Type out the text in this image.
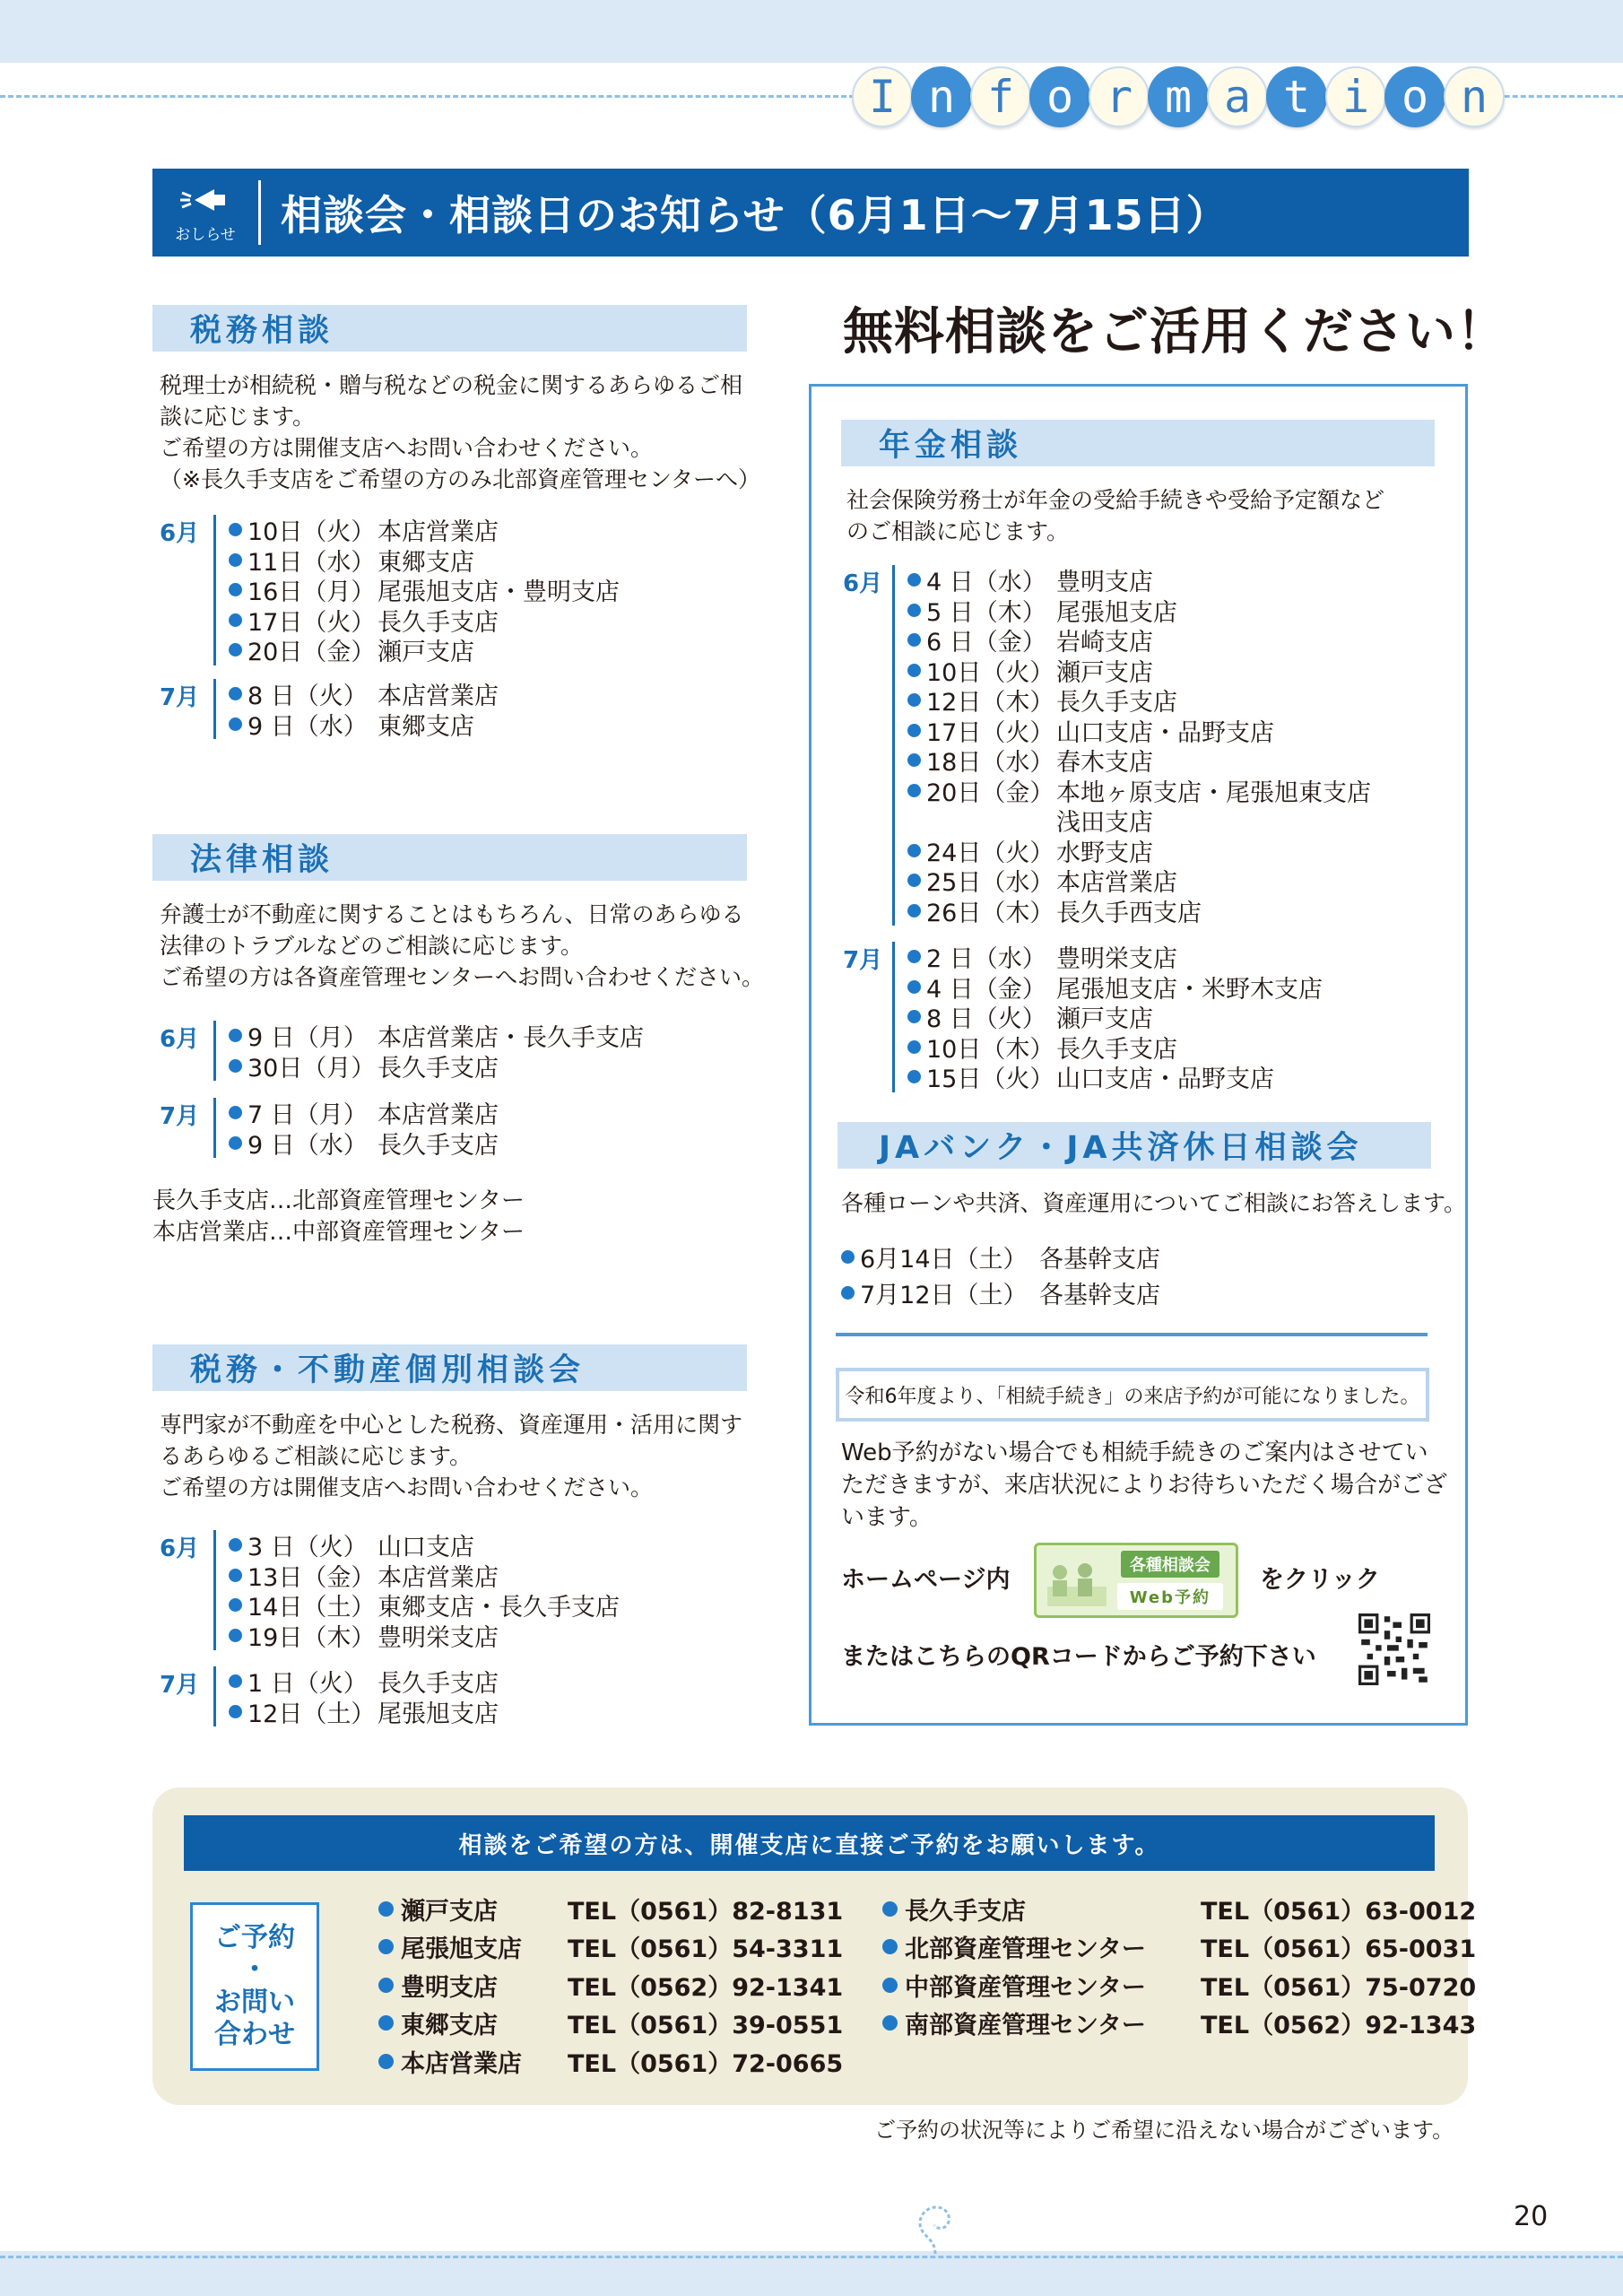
I n f o r m a t i o n
おしらせ 相談会・相談日のお知らせ（6月1日〜7月15日）
税務相談
税理士が相続税・贈与税などの税金に関するあらゆるご相
談に応じます。
ご希望の方は開催支店へお問い合わせください。
（※長久手支店をご希望の方のみ北部資産管理センターへ）
6月	10日（火） 本店営業店
11日（水） 東郷支店
16日（月） 尾張旭支店・豊明支店
17日（火） 長久手支店
20日（金） 瀬戸支店
7月	8 日（火） 本店営業店
9 日（水） 東郷支店
法律相談
弁護士が不動産に関することはもちろん、日常のあらゆる
法律のトラブルなどのご相談に応じます。
ご希望の方は各資産管理センターへお問い合わせください。
6月	9 日（月） 本店営業店・長久手支店
30日（月） 長久手支店
7月	7 日（月） 本店営業店
9 日（水） 長久手支店
長久手支店…北部資産管理センター
本店営業店…中部資産管理センター
税務・不動産個別相談会
専門家が不動産を中心とした税務、資産運用・活用に関す
るあらゆるご相談に応じます。
ご希望の方は開催支店へお問い合わせください。
6月	3 日（火） 山口支店
13日（金） 本店営業店
14日（土） 東郷支店・長久手支店
19日（木） 豊明栄支店
7月	1 日（火） 長久手支店
12日（土） 尾張旭支店
無料相談をご活用ください！
年金相談
社会保険労務士が年金の受給手続きや受給予定額など
のご相談に応じます。
6月	4 日（水） 豊明支店
5 日（木） 尾張旭支店
6 日（金） 岩崎支店
10日（火） 瀬戸支店
12日（木） 長久手支店
17日（火） 山口支店・品野支店
18日（水） 春木支店
20日（金） 本地ヶ原支店・尾張旭東支店
浅田支店
24日（火） 水野支店
25日（水） 本店営業店
26日（木） 長久手西支店
7月	2 日（水） 豊明栄支店
4 日（金） 尾張旭支店・米野木支店
8 日（火） 瀬戸支店
10日（木） 長久手支店
15日（火） 山口支店・品野支店
JAバンク・JA共済休日相談会
各種ローンや共済、資産運用についてご相談にお答えします。
6月14日（土） 各基幹支店
7月12日（土） 各基幹支店
令和6年度より、「相続手続き」の来店予約が可能になりました。
Web予約がない場合でも相続手続きのご案内はさせてい
ただきますが、来店状況によりお待ちいただく場合がござ
います。
ホームページ内
各種相談会
Web予約
をクリック
またはこちらのQRコードからご予約下さい
相談をご希望の方は、開催支店に直接ご予約をお願いします。
ご予約
・
お問い
合わせ
瀬戸支店	TEL（0561）82-8131
尾張旭支店	TEL（0561）54-3311
豊明支店	TEL（0562）92-1341
東郷支店	TEL（0561）39-0551
本店営業店	TEL（0561）72-0665
長久手支店	TEL（0561）63-0012
北部資産管理センター	TEL（0561）65-0031
中部資産管理センター	TEL（0561）75-0720
南部資産管理センター	TEL（0562）92-1343
ご予約の状況等によりご希望に沿えない場合がございます。
20
